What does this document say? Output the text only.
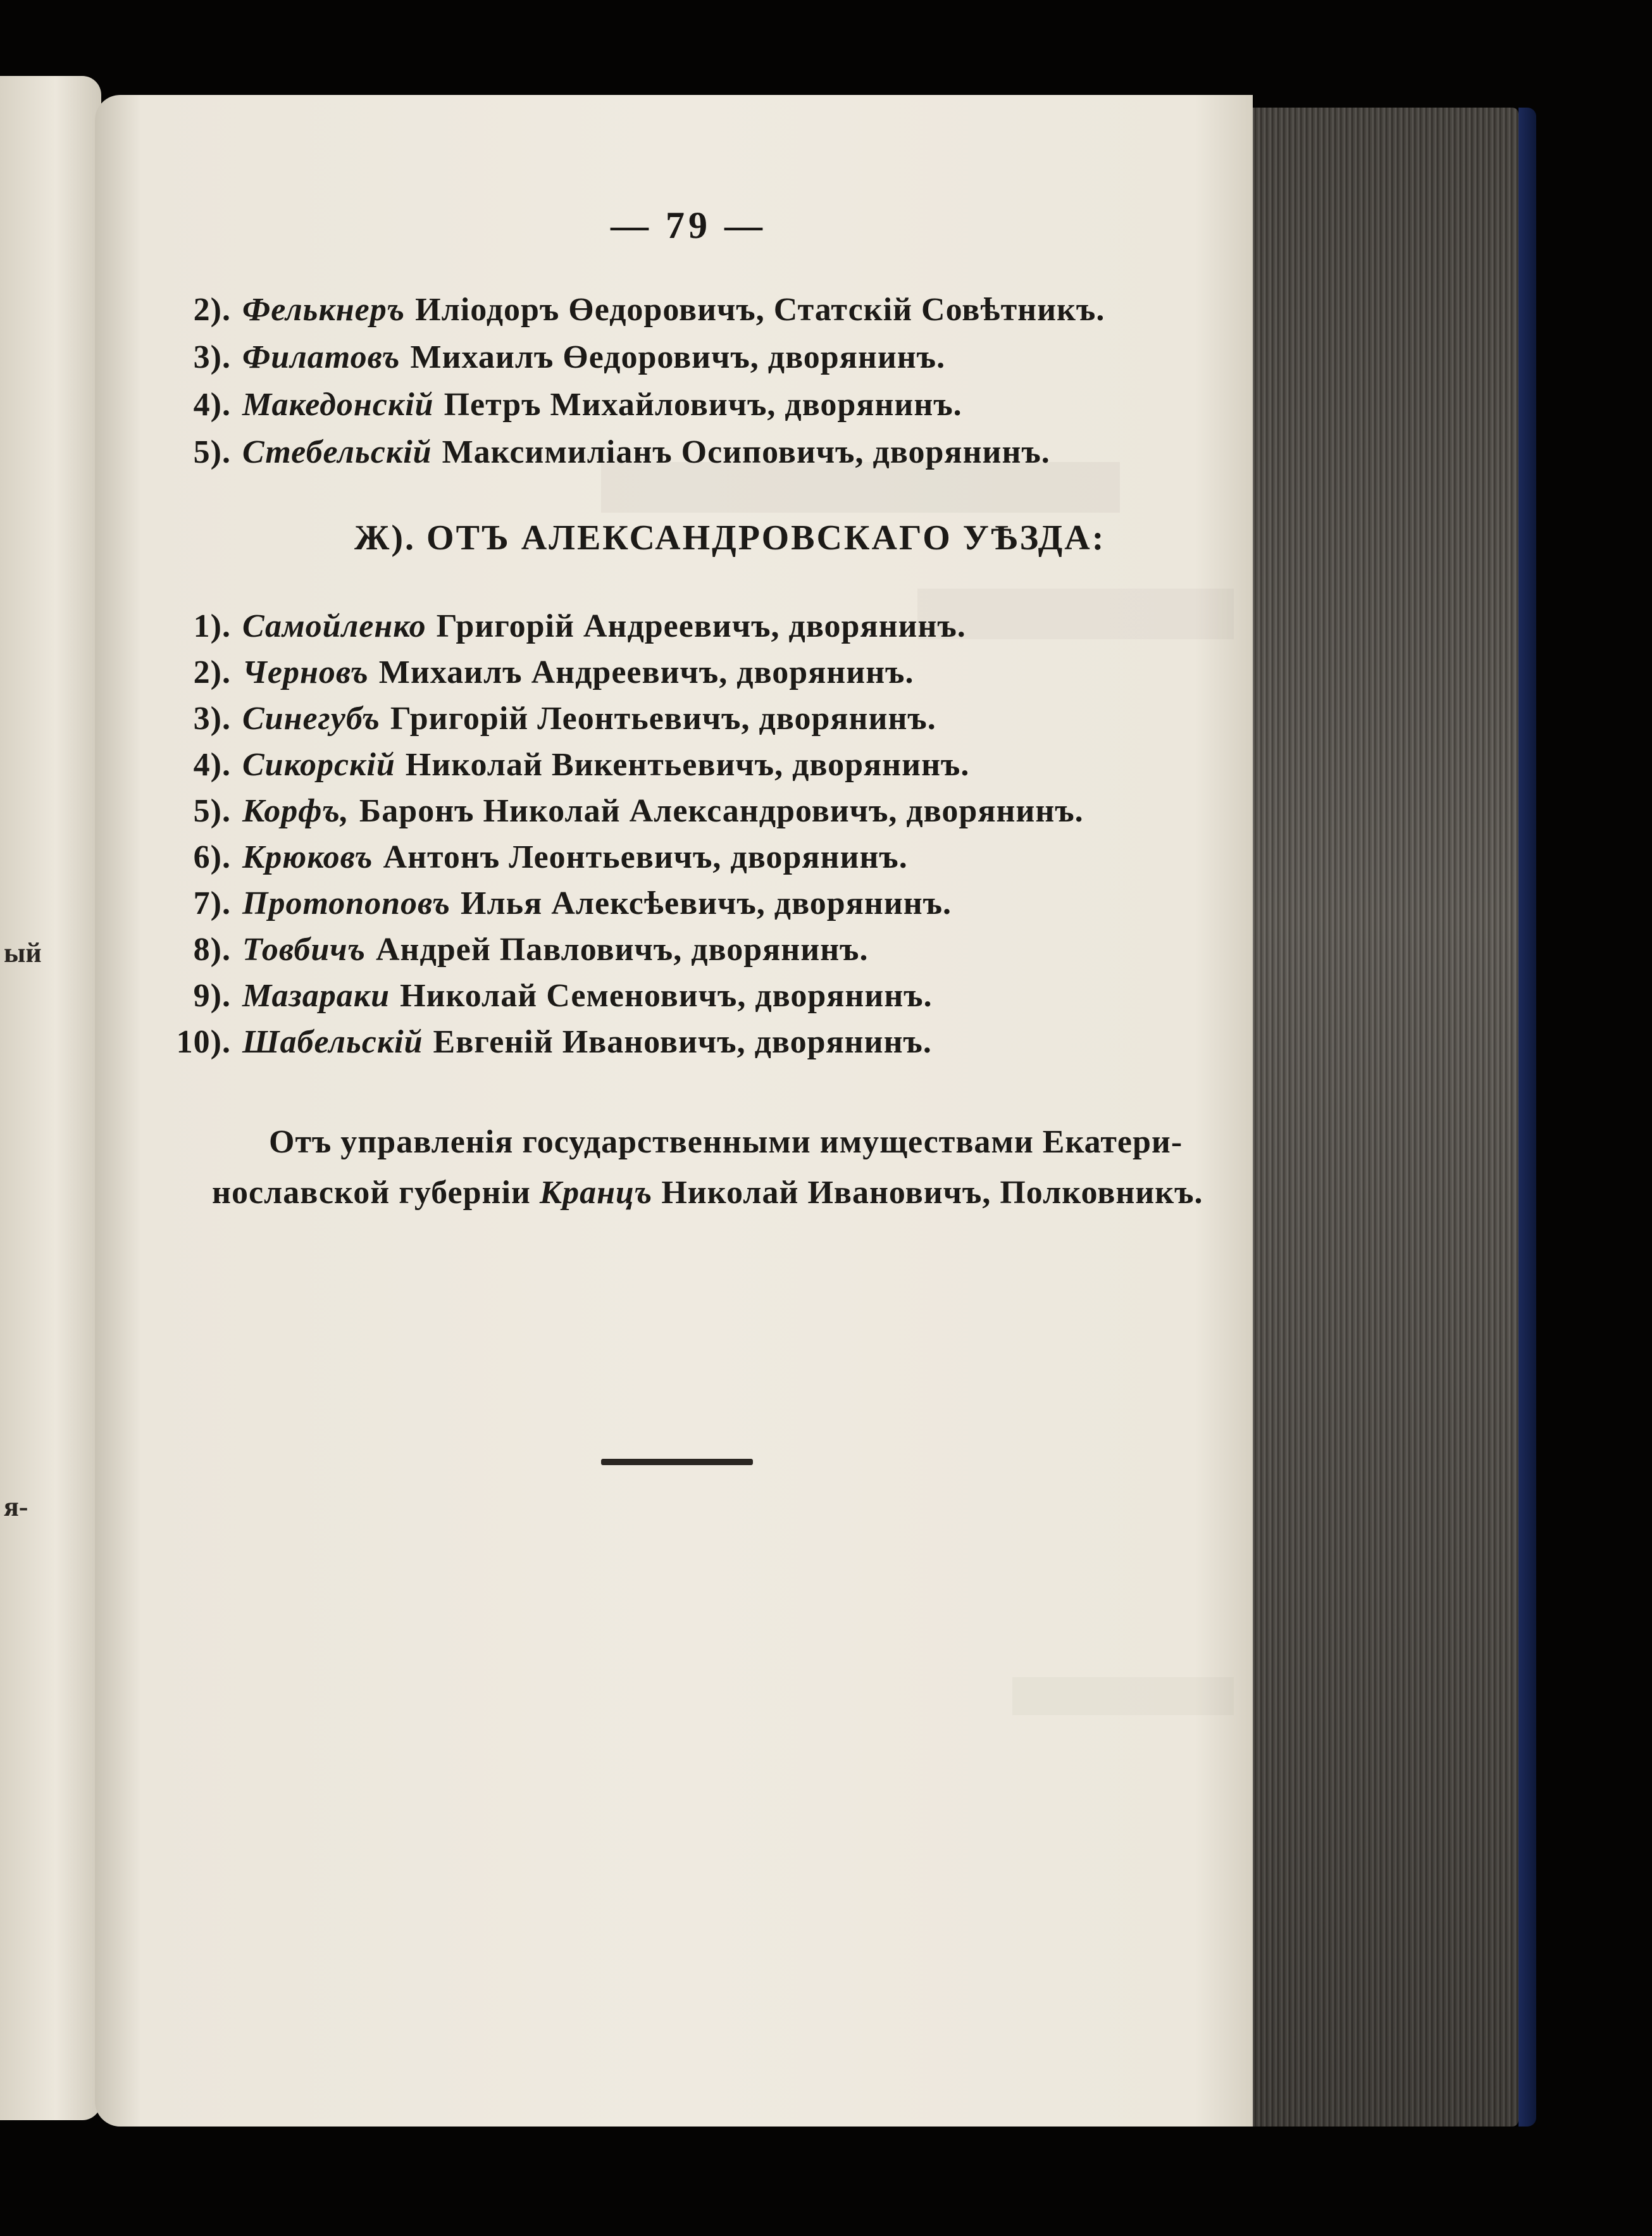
ый
я-
— 79 —
2). Фелькнеръ Иліодоръ Өедоровичъ, Статскій Совѣтникъ.
3). Филатовъ Михаилъ Өедоровичъ, дворянинъ.
4). Македонскій Петръ Михайловичъ, дворянинъ.
5). Стебельскій Максимиліанъ Осиповичъ, дворянинъ.
Ж). ОТЪ АЛЕКСАНДРОВСКАГО УѢЗДА:
1). Самойленко Григорій Андреевичъ, дворянинъ.
2). Черновъ Михаилъ Андреевичъ, дворянинъ.
3). Синегубъ Григорій Леонтьевичъ, дворянинъ.
4). Сикорскій Николай Викентьевичъ, дворянинъ.
5). Корфъ, Баронъ Николай Александровичъ, дворянинъ.
6). Крюковъ Антонъ Леонтьевичъ, дворянинъ.
7). Протопоповъ Илья Алексѣевичъ, дворянинъ.
8). Товбичъ Андрей Павловичъ, дворянинъ.
9). Мазараки Николай Семеновичъ, дворянинъ.
10). Шабельскій Евгеній Ивановичъ, дворянинъ.
Отъ управленія государственными имуществами Екатери-
нославской губерніи Кранцъ Николай Ивановичъ, Полковникъ.
